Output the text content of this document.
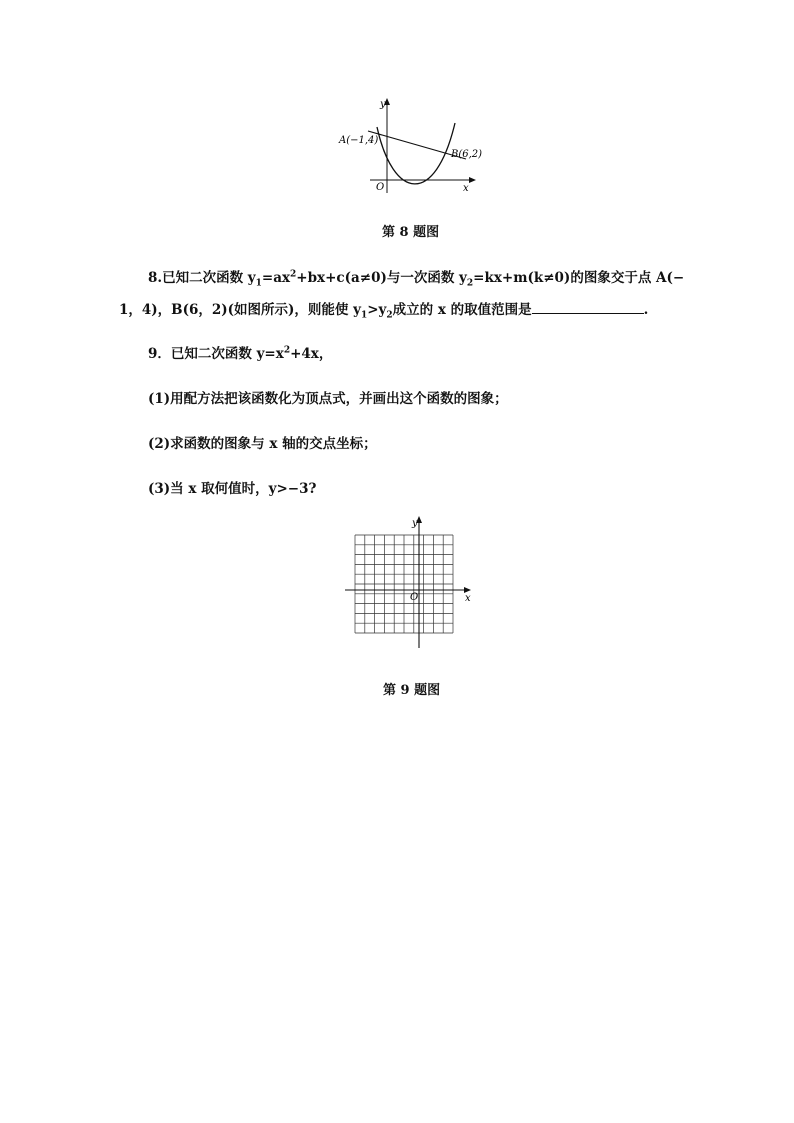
y
x
O
A(−1,4)
B(6,2)
第 8 题图
8.已知二次函数 $y_1=ax^2+bx+c(a\ne 0)$与一次函数 $y_2=kx+m(k\ne 0)$的图象交于点 A(−
1，4)，B(6，2)(如图所示)，则能使 $y_1>y_2$成立的 x 的取值范围是	.
9．已知二次函数 $y=x^2+4x$，
(1)用配方法把该函数化为顶点式，并画出这个函数的图象；
(2)求函数的图象与 x 轴的交点坐标；
(3)当 x 取何值时，y>−3?
y
x
O
第 9 题图
